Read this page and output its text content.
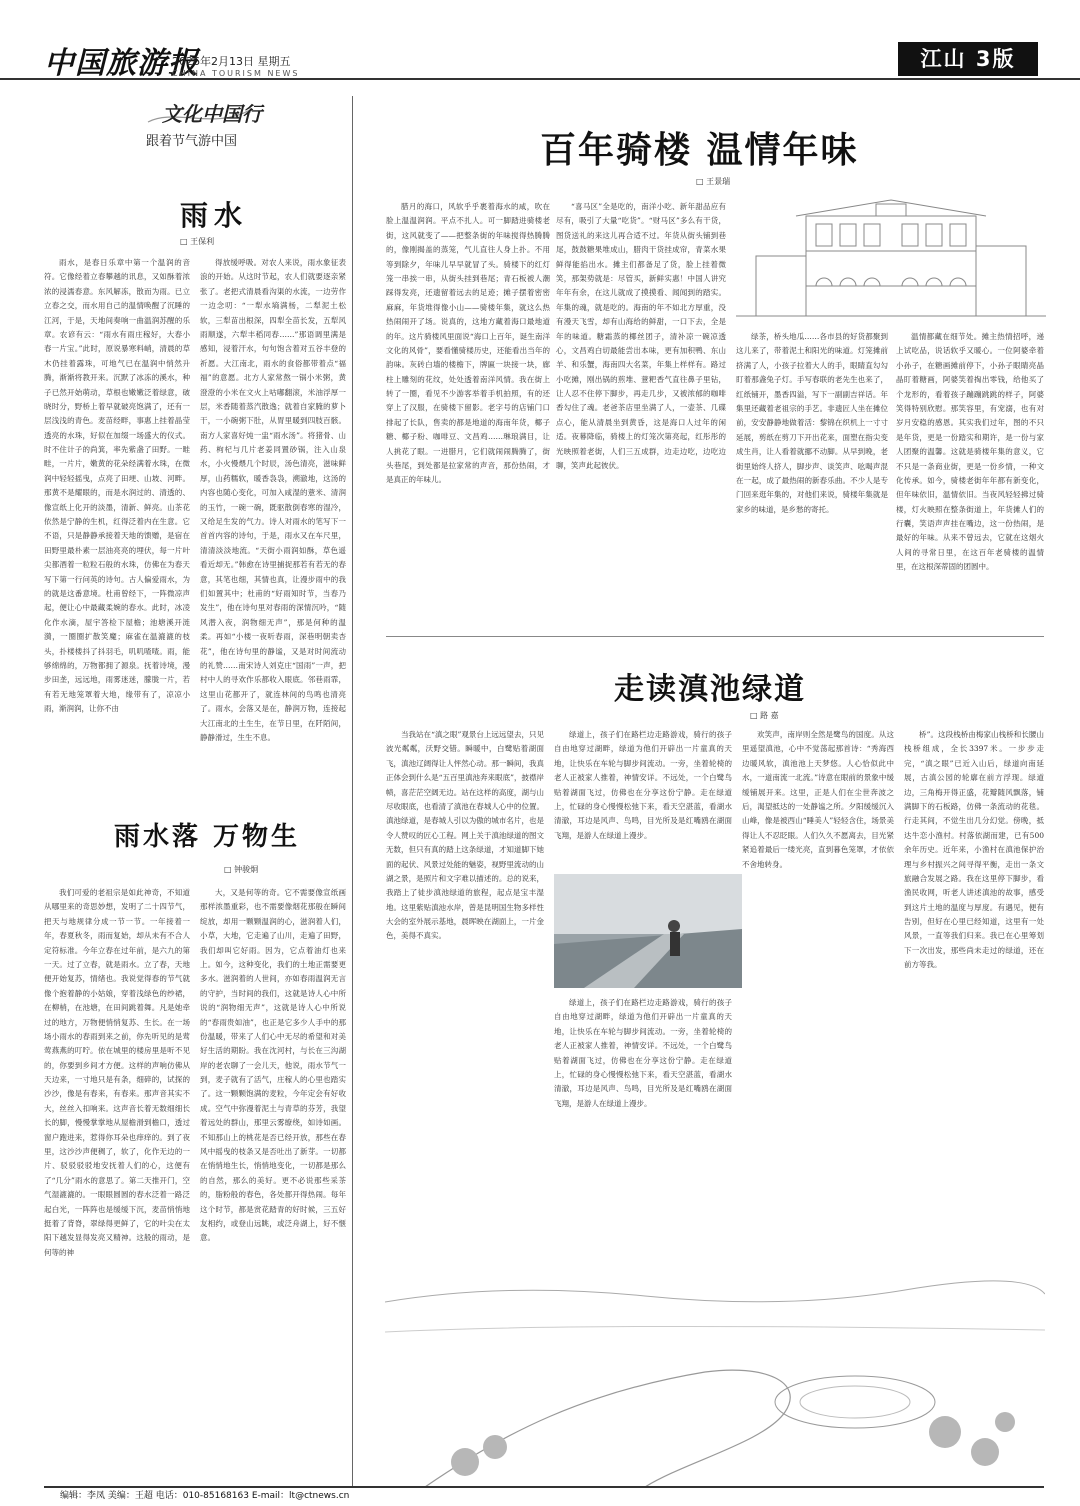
中国旅游报
2026年2月13日 星期五
CHINA TOURISM NEWS
江山 3版
文化中国行
跟着节气游中国
雨水
□ 王保利

雨水，是春日乐章中第一个温润的音符。它像经着立春攀越的讯息，又如酥着浓浓的浸濡春意。东风解冻，散而为雨。已立立春之交，而水用自己的温情唤醒了沉睡的江河，于是，天地间奏响一曲温润苏醒的乐章。农谚有云：“雨水有雨庄稼好，大春小春一片宝。”此时，原说暴寒料峭，清晨的草木仍挂着露珠，可地气已在温润中悄然升腾，渐渐将教开来。沉默了冰冻的溪水，种子已然开始萌动，草根也嫩嫩泛着绿意，破晓时分，野桥上着早就破亮饱满了，还有一层浅浅的青色。麦苗经畔，事惠上挂着晶莹透亮的水珠，好似在加缀一场盛大的仪式。时不住计子的尚箕，率先紫盏了田野。一畦畦，一片片，嫩黄的花朵经满着水珠，在微润中轻轻摇曳，点亮了田埂、山坡、河畔。那黄不是耀眼的，而是水润过的、清透的、像宣纸上化开的淡墨，清新、鲜亮。山茶花依然是宁静的生机，红得泛着内在生意。它不语，只是静静承接着天地的馈赠，是宿在田野里最朴素一层油亮亮的埋伏，每一片叶尖都酒着一粒粒石般的水珠，仿佛在为春天写下第一行问英的诗句。古人偏爱雨水，为的就是这番意境。杜甫曾经下，一阵微凉声起，便让心中最藏柔婉的春水。此时，冰凌化作水滴，屋宇答检下屋檐；池塘溪开涟漪，一圈圈扩散笑魔；麻雀在温漉漉的枝头，扑楼楼抖了抖羽毛，叽叽喳喳。雨，能够绵绵的，万物都拥了源泉。抚着诗境，漫步田垄，远远地，雨雾迷迷，朦胧一片，若有若无地笼罩着大地，缘带有了，凉凉小雨，渐润润，让你不由

得放缓呼吸。对农人来说，雨水象征表浪的开始。从这时节起，农人们就要逐亲紧张了。老把式清晨看沟渠的水流，一边劳作一边念叨：“一犁水墒满杨，二犁泥土松软，三犁苗出根深，四犁全苗长发，五犁风雨顺遂，六犁丰稻同春……”那语调里满是感知，浸着汗水，句句饱含着对五谷丰登的祈愿。大江南北，雨水的食俗都带着点“福福”的意愿。北方人家常熬一锅小米粥，黄澄澄的小米在文火上咕嘟翻滚，米油浮厚一层，米香随着蒸汽散逸；就着自家腌的萝卜干，一小碗粥下肚，从胃里暖到四肢百骸。南方人家喜好炖一盅“雨水汤”。将猪骨、山药、枸杞与几片老姜同置砂锅，注入山泉水，小火慢煨几个时辰，汤色清亮，滋味鲜厚，山药糯软，暖香袅袅，溯澈地，这汤的内容也随心变化，可加入咸湿的薏米、清润的玉竹，一碗一碗，既驱散倒春寒的湿冷，又给足生发的气力。诗人对雨水的笔写下一首首内容的诗句，于是，雨水又在车尺里，清清淡淡地流。“天街小雨润如酥，草色遥看近却无。”韩愈在诗里捕捉那若有若无的春意，其笔也细，其情也真，让漫步雨中的我们如置其中；杜甫的“好雨知时节，当春乃发生”，他在诗句里对春雨的深情沉吟，“随风潜入夜，润物细无声”，那是何种的温柔。再如“小楼一夜听春雨，深巷明朝卖杏花”，他在诗句里的静谧，又是对时间流动的礼赞……南宋诗人刘克庄“国雨”一声，把村中人的寻欢作乐都收入眼底。邻巷雨霏，这里山花都开了，就连林间的鸟鸣也清亮了。雨水，会落又是在，静润万物，连接起大江南北的土生生，在节日里，在阡陌间，静静滑过，生生不息。

雨水落 万物生
□ 钟骏炯

我们可爱的老祖宗是如此神奇，不知道从哪里来的奇思妙想，发明了二十四节气，把天与地规律分成一节一节。一年接着一年，春夏秋冬，雨而复始，却从未有不合人定符标准。今年立春在过年前，是六九的第一天。过了立春，就是雨水。立了春，天地便开始复苏，情绪也。我说觉得春的节气就像个抱着静的小姑娘，穿着浅绿色的纱裙，在柳梢，在池塘，在田间跳着舞。凡是她牵过的地方，万物便悄悄复苏、生长。在一场场小雨水的春雨到来之前，你先听见的是莺莺燕燕的叮咛。依在城里的楼房里是听不见的，你要到乡间才方便。这样的声响仿佛从天边来，一寸地只是有条，细碎的，试探的沙沙，像是有春来，有春来。那声音其实不大，丝丝入扣响来。这声音长着无数细细长长的脚，慢慢掌掌地从屋檐滑到檐口，透过窗户跑进来，惹得你耳朵也痒痒的。到了夜里，这沙沙声便稠了，软了，化作无边的一片、驳驳驳驳地安抚着人们的心，这便有了“几分”雨水的意思了。第二天推开门，空气湿漉漉的。一眼眼圆圆的春水泛着一路泛起白光，一阵阵也是缓缓下沉，麦苗悄悄地挺着了背脊，翠绿得更鲜了，它的叶尖在太阳下越发显得发亮又精神。这般的雨动，是何等的神

大，又是何等的奇。它不需要像宣纸画那样浓墨重彩，也不需要像烟花那般在瞬间绽放，却用一颗颗温润的心，滋润着人们，小草，大地，它走遍了山川，走遍了田野，我们却叫它好雨。因为，它点着油灯也来上。如今，这种变化，我们的土地正需要更多水。滋润着的人世间，亦如春雨温润无言的守护，当时间的我们，这就是诗人心中所说的“润物细无声”，这就是诗人心中所说的“春雨贵如油”，也正是它多少人手中的那份温暖，带来了人们心中无尽的希望和对美好生活的期盼。我在沈河村，与长在三沟湖岸的老农聊了一会儿天，他说，雨水节气一到，麦子就有了活气，庄稼人的心里也踏实了。这一颗颗饱满的麦粒，今年定会有好收成。空气中弥漫着泥土与青草的芬芳，我望着远处的群山，那里云雾缭绕，如诗如画。不知那山上的桃花是否已经开放，那些在春风中摇曳的枝条又是否吐出了新芽。一切都在悄悄地生长，悄悄地变化，一切都是那么的自然，那么的美好。更不必说那些采茶的，脂粉般的春色，各处都开得热闹。每年这个时节，都是赏花踏青的好时候，三五好友相约，或登山远眺，或泛舟湖上，好不惬意。

百年骑楼 温情年味
□ 王景瑞

腊月的海口，风软乎乎裹着海水的咸，吹在脸上温温润润。平点不扎人。可一脚踏进骑楼老街，这风就变了——把整条街的年味搅得热腾腾的，像刚揭盖的蒸笼，气儿直往人身上扑。不用等到除夕，年味儿早早就冒了头。骑楼下的红灯笼一串挨一串，从街头挂到巷尾；青石板被人潮踩得发亮，还遗留着远去的足迹；摊子摆着密密麻麻，年货堆得像小山——骑楼年集，就这么热热闹闹开了场。说真的，这地方藏着海口最地道的年。这片骑楼风里面说“海口上百年，诞生南洋文化的风骨”，要看懂骑楼历史，还能看出当年的韵味。灰砖白墙的楼檐下，牌匾一块接一块，廊柱上雕刻的花纹，处处透着南洋风情。我在街上转了一圈，看见不少游客举着手机拍照，有的还穿上了汉服，在骑楼下留影。老字号的店铺门口排起了长队，售卖的都是地道的海南年货，椰子糖、椰子粉、咖啡豆、文昌鸡……琳琅满目，让人挑花了眼。一进腊月，它们就闹闹腾腾了，街头巷尾，到处都是拉家常的声音，那份热闹，才是真正的年味儿。

“喜马区”全是吃的，南洋小吃、新年甜品应有尽有，吸引了大量“吃货”。“财马区”多么有干货，图货送礼的来这儿再合适不过。年货从街头铺到巷尾，鼓鼓糖果堆成山，腊肉干货挂成帘，青菜水果鲜得能掐出水。摊主们都备足了货，脸上挂着微笑，那架势就是：尽管买，新鲜实惠！中国人讲究年年有余，在这儿就成了摸摸看、闻闻到的踏实。年集的魂，就是吃的。海南的年不如北方厚重，没有漫天飞雪，却有山海给的鲜甜，一口下去，全是年的味道。糖霜蒸的椰丝团子，清补凉一碗凉透心，文昌鸡白切最能尝出本味，更有加积鸭、东山羊、和乐蟹，海南四大名菜，年集上样样有。路过小吃摊，刚出锅的煎堆、薏粑香气直往鼻子里钻，让人忍不住停下脚步，再走几步，又被浓郁的咖啡香勾住了魂。老爸茶店里坐满了人，一壶茶、几碟点心，能从清晨坐到黄昏，这是海口人过年的闲适。夜幕降临，骑楼上的灯笼次第亮起，红彤彤的光映照着老街，人们三五成群，边走边吃，边吃边聊，笑声此起彼伏。

绿茶，桥头地瓜……各市县的好货都聚到这儿来了，带着泥土和阳光的味道。灯笼摊前挤满了人，小孩子拉着大人的手，眼睛直勾勾盯着那盏兔子灯。手写春联的老先生也来了，红纸铺开，墨香四溢，写下一副副吉祥话。年集里还藏着老祖宗的手艺。非遗匠人坐在摊位前，安安静静地做着活：黎锦在织机上一寸寸延展，剪纸在剪刀下开出花来，面塑在指尖变成生肖，让人看着就挪不动脚。从早到晚，老街里始终人挤人，脚步声、谈笑声、吆喝声混在一起，成了最热闹的新春乐曲。不少人是专门回来逛年集的，对他们来说，骑楼年集就是家乡的味道，是乡愁的寄托。

温情都藏在细节处。摊主热情招呼，递上试吃品，说话软乎又暖心。一位阿婆牵着小孙子，在糖画摊前停下，小孙子眼睛亮晶晶盯着糖画，阿婆笑着掏出零钱，给他买了个龙形的，看着孩子蹦蹦跳跳的样子，阿婆笑得特别欣慰。那笑容里，有宠溺，也有对岁月安稳的感恩。其实我们过年，图的不只是年货，更是一份踏实和期许，是一份与家人团聚的温馨。这就是骑楼年集的意义，它不只是一条商业街，更是一份乡情，一种文化传承。如今，骑楼老街年年都有新变化，但年味依旧，温情依旧。当夜风轻轻拂过骑楼，灯火映照在整条街道上，年货摊人们的行囊，笑语声声挂在嘴边，这一份热闹，是最好的年味。从来不曾远去，它就在这烟火人间的寻常日里，在这百年老骑楼的温情里，在这根深蒂固的团圆中。

走读滇池绿道
□ 路 嘉

当我站在“滇之眼”观景台上远远望去，只见波光粼粼，沃野交错。瞬暖中，白鹭贴着湖面飞，滇池辽阔得让人怦然心动。那一瞬间，我真正体会到什么是“五百里滇池奔来眼底”，披襟岸帻，喜茫茫空阔无边。站在这样的高度，湖与山尽收眼底，也看清了滇池在春城人心中的位置。滇池绿道，是春城人引以为傲的城市名片，也是令人赞叹的匠心工程。网上关于滇池绿道的图文无数，但只有真的踏上这条绿道，才知道脚下她面的起伏、风景过处能的魅姿，视野里流动的山湖之景，是照片和文字难以描述的。总的说来，我踏上了徒步滇池绿道的旅程，起点是宝丰湿地。这里紫贴滇池水岸，曾是昆明国生物多样性大会的室外展示基地，晨晖映在湖面上，一片金色，美得不真实。

绿道上，孩子们在路栏边走路游戏，骑行的孩子自由地穿过湖畔，绿道为他们开辟出一片童真的天地，让快乐在车轮与脚步间流动。一旁，坐着轮椅的老人正被家人推着，神情安详。不远处，一个白鹭鸟贴着湖面飞过，仿佛也在分享这份宁静。走在绿道上，忙碌的身心慢慢松弛下来，看天空湛蓝，看湖水清澈，耳边是风声、鸟鸣，目光所及是红嘴鸥在湖面飞翔，是游人在绿道上漫步。

欢笑声，南岸则全然是鹭鸟的国度。从这里遥望滇池，心中不觉荡起那首诗：“秀海西边暖风软，滇池池上天梦悠。人心恰似此中水，一道南流一北流。”诗意在眼前的景象中缓缓铺展开来。这里，正是人们在尘世奔波之后，渴望抵达的一处静谧之所。夕阳缓缓沉入山峰，像是被西山“睡美人”轻轻含住，场景美得让人不忍眨眼。人们久久不愿离去，目光紧紧追着最后一缕光亮，直到暮色笼罩，才依依不舍地转身。

桥”。这段栈桥由梅家山栈桥和长腰山栈桥组成，全长3397米。一步步走完，“滇之眼”已近入山后，绿道向南延展，古滇公园的轮廓在前方浮现。绿道边，三角梅开得正盛，花瓣随风飘落，铺满脚下的石板路，仿佛一条流动的花毯。行走其间，不觉生出几分幻觉。傍晚，抵达牛恋小渔村。村落依湖而建，已有500余年历史。近年来，小渔村在滇池保护治理与乡村振兴之间寻得平衡，走出一条文旅融合发展之路。我在这里停下脚步，看渔民收网，听老人讲述滇池的故事，感受到这片土地的温度与厚度。有遇见，便有告别，但好在心里已经知道，这里有一处风景，一直等我们归来。我已在心里筹划下一次出发，那些尚未走过的绿道，还在前方等我。

绿道上，孩子们在路栏边走路游戏，骑行的孩子自由地穿过湖畔，绿道为他们开辟出一片童真的天地，让快乐在车轮与脚步间流动。一旁，坐着轮椅的老人正被家人推着，神情安详。不远处，一个白鹭鸟贴着湖面飞过，仿佛也在分享这份宁静。走在绿道上，忙碌的身心慢慢松弛下来，看天空湛蓝，看湖水清澈，耳边是风声、鸟鸣，目光所及是红嘴鸥在湖面飞翔，是游人在绿道上漫步。

编辑：李凤 美编：王超 电话：010-85168163 E-mail：lt@ctnews.cn
